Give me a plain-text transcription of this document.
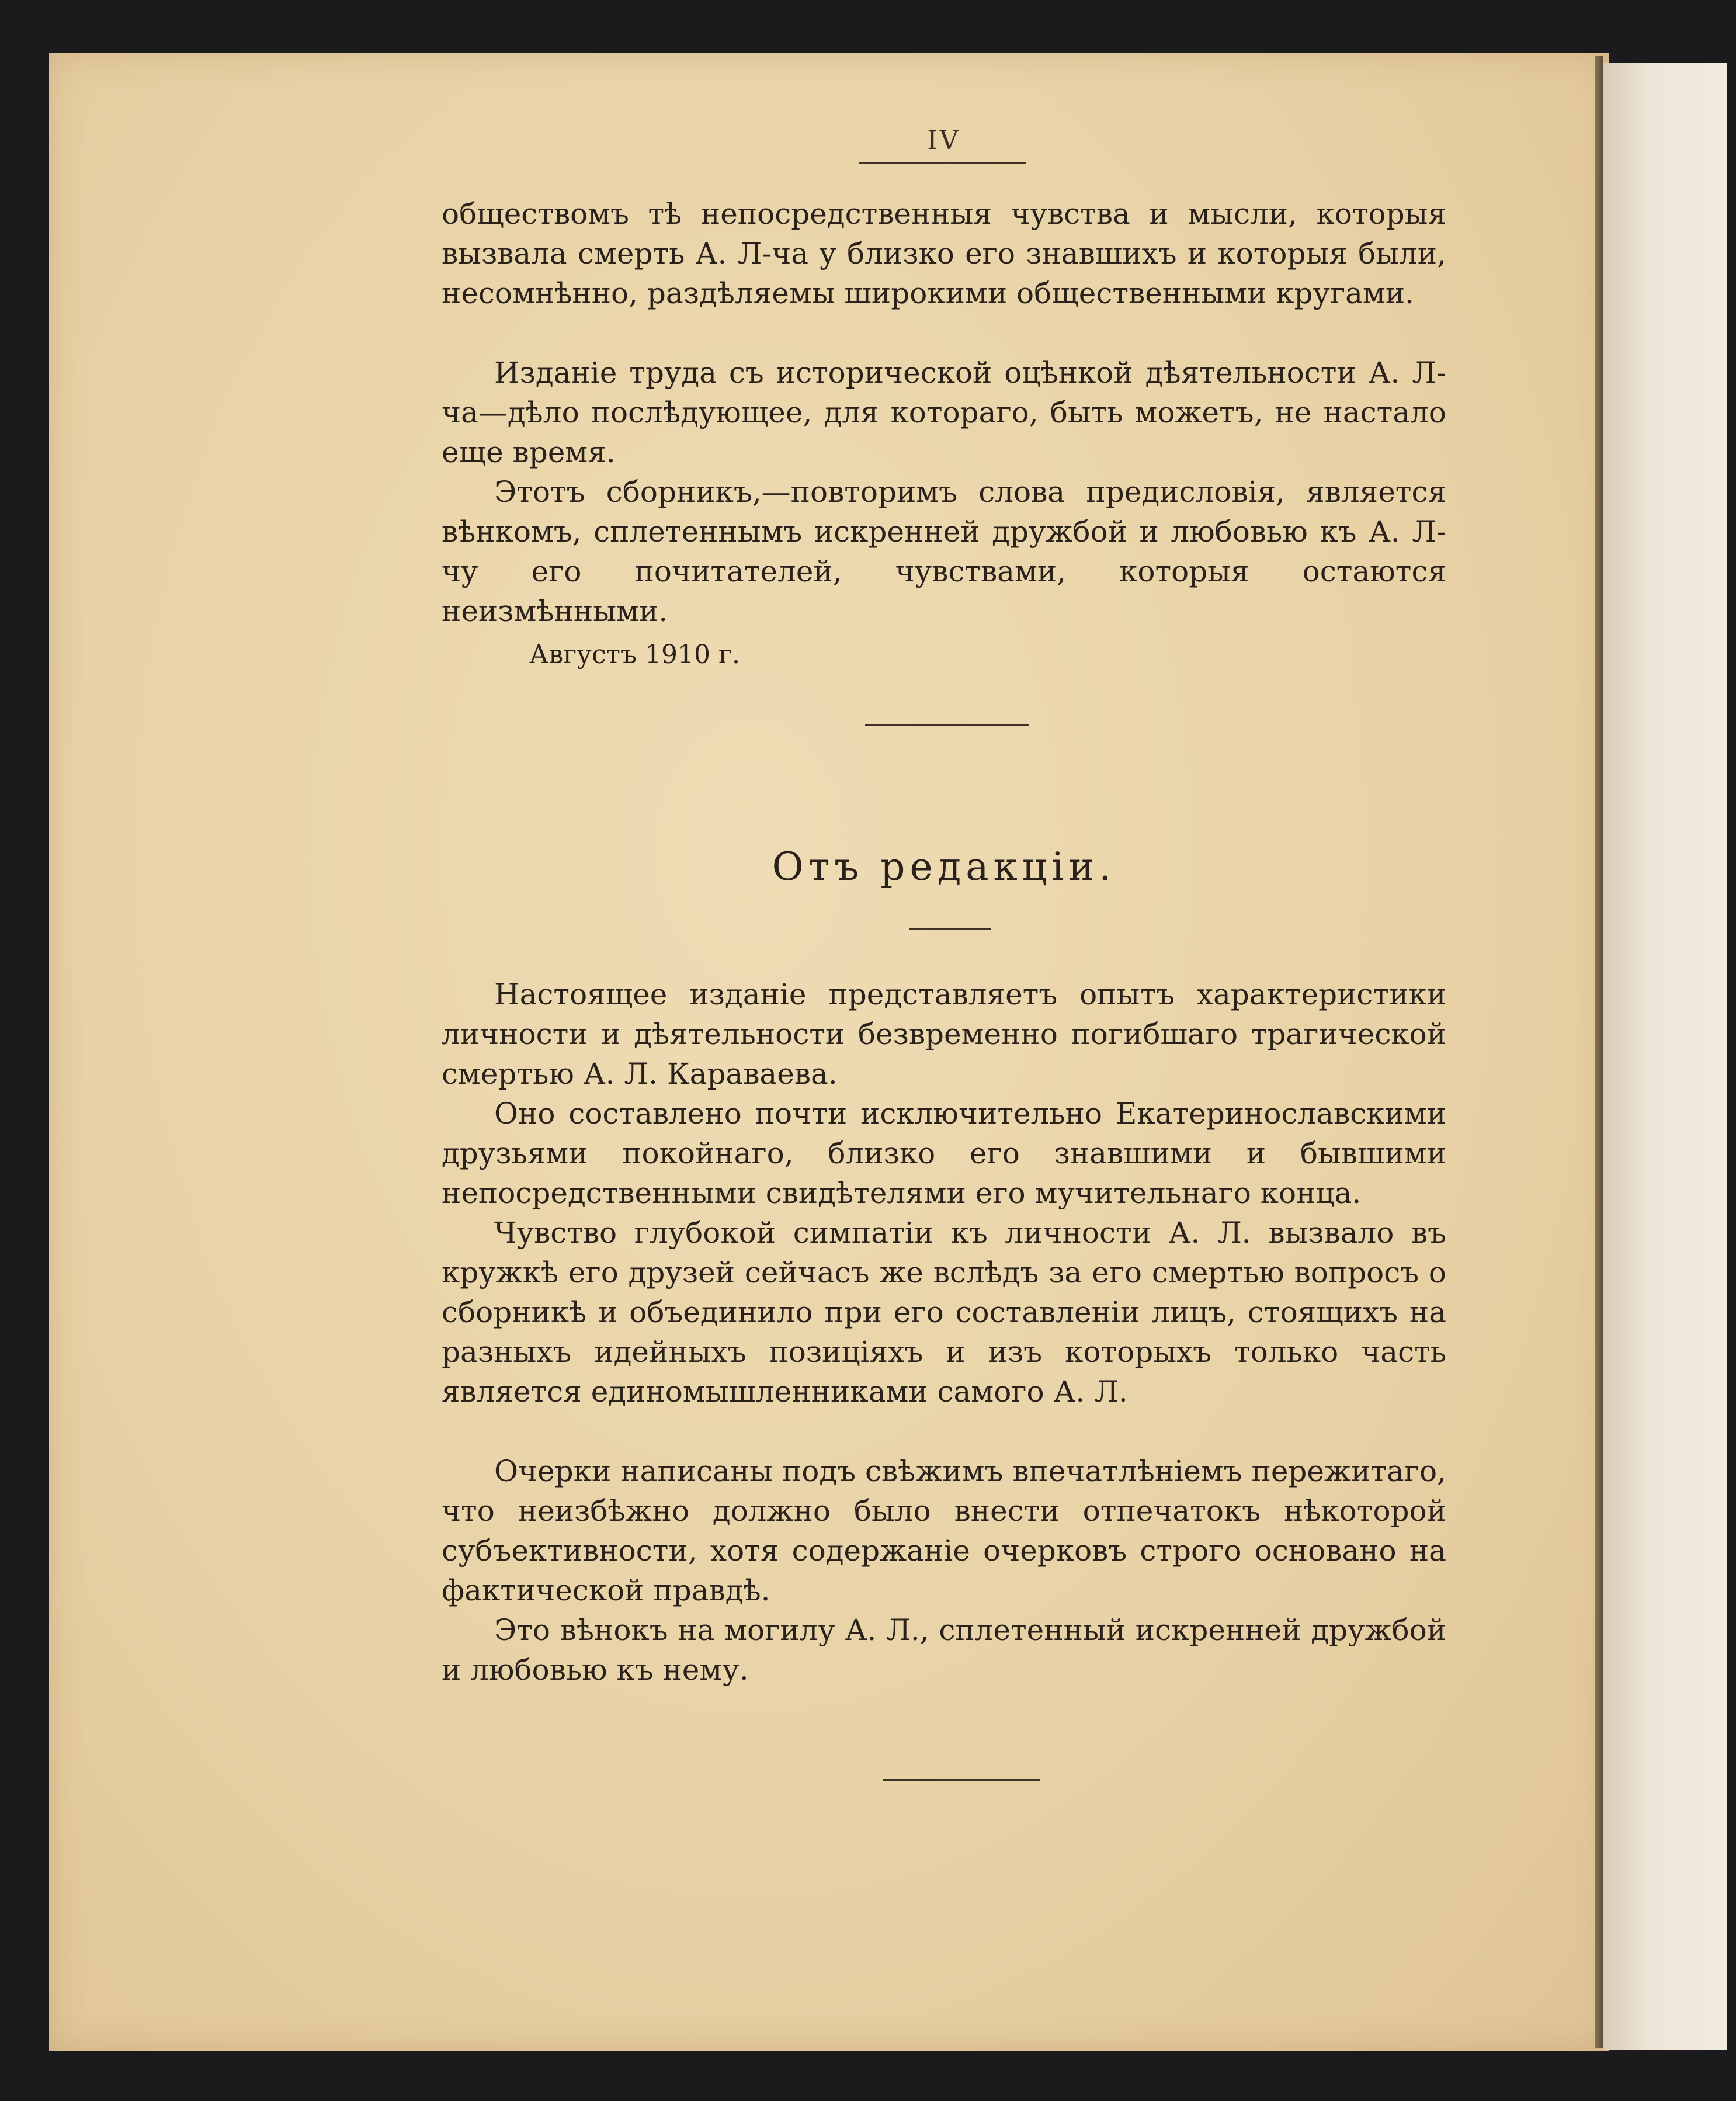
IV

обществомъ тѣ непосредственныя чувства и мысли, которыя вызвала смерть А. Л-ча у близко его знавшихъ и которыя были, несомнѣнно, раздѣляемы широкими общественными кругами.

Изданіе труда съ исторической оцѣнкой дѣятельности А. Л-ча—дѣло послѣдующее, для котораго, быть можетъ, не настало еще время.

Этотъ сборникъ,—повторимъ слова предисловія, является вѣнкомъ, сплетеннымъ искренней дружбой и любовью къ А. Л-чу его почитателей, чувствами, которыя остаются неизмѣнными.

Августъ 1910 г.
Отъ редакціи.

Настоящее изданіе представляетъ опытъ характеристики личности и дѣятельности безвременно погибшаго трагической смертью А. Л. Караваева.

Оно составлено почти исключительно Екатеринославскими друзьями покойнаго, близко его знавшими и бывшими непосредственными свидѣтелями его мучительнаго конца.

Чувство глубокой симпатіи къ личности А. Л. вызвало въ кружкѣ его друзей сейчасъ же вслѣдъ за его смертью вопросъ о сборникѣ и объединило при его составленіи лицъ, стоящихъ на разныхъ идейныхъ позиціяхъ и изъ которыхъ только часть является единомышленниками самого А. Л.

Очерки написаны подъ свѣжимъ впечатлѣніемъ пережитаго, что неизбѣжно должно было внести отпечатокъ нѣкоторой субъективности, хотя содержаніе очерковъ строго основано на фактической правдѣ.

Это вѣнокъ на могилу А. Л., сплетенный искренней дружбой и любовью къ нему.
